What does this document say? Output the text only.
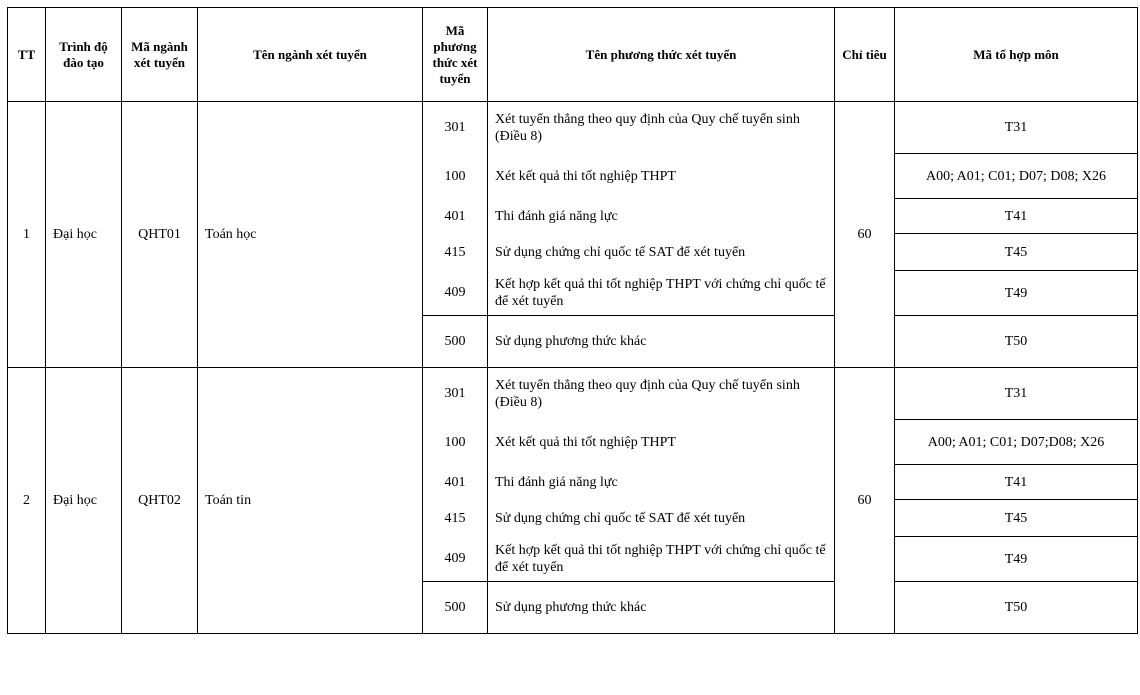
TT	Trình độ đào tạo	Mã ngành xét tuyển	Tên ngành xét tuyển	Mã phương thức xét tuyển	Tên phương thức xét tuyển	Chỉ tiêu	Mã tổ hợp môn
1	Đại học	QHT01	Toán học	301	Xét tuyển thẳng theo quy định của Quy chế tuyển sinh (Điều 8)	60	T31
				100	Xét kết quả thi tốt nghiệp THPT		A00; A01; C01; D07; D08; X26
				401	Thi đánh giá năng lực		T41
				415	Sử dụng chứng chỉ quốc tế SAT để xét tuyển		T45
				409	Kết hợp kết quả thi tốt nghiệp THPT với chứng chỉ quốc tế để xét tuyển		T49
				500	Sử dụng phương thức khác		T50
2	Đại học	QHT02	Toán tin	301	Xét tuyển thẳng theo quy định của Quy chế tuyển sinh (Điều 8)	60	T31
				100	Xét kết quả thi tốt nghiệp THPT		A00; A01; C01; D07;D08; X26
				401	Thi đánh giá năng lực		T41
				415	Sử dụng chứng chỉ quốc tế SAT để xét tuyển		T45
				409	Kết hợp kết quả thi tốt nghiệp THPT với chứng chỉ quốc tế để xét tuyển		T49
				500	Sử dụng phương thức khác		T50
